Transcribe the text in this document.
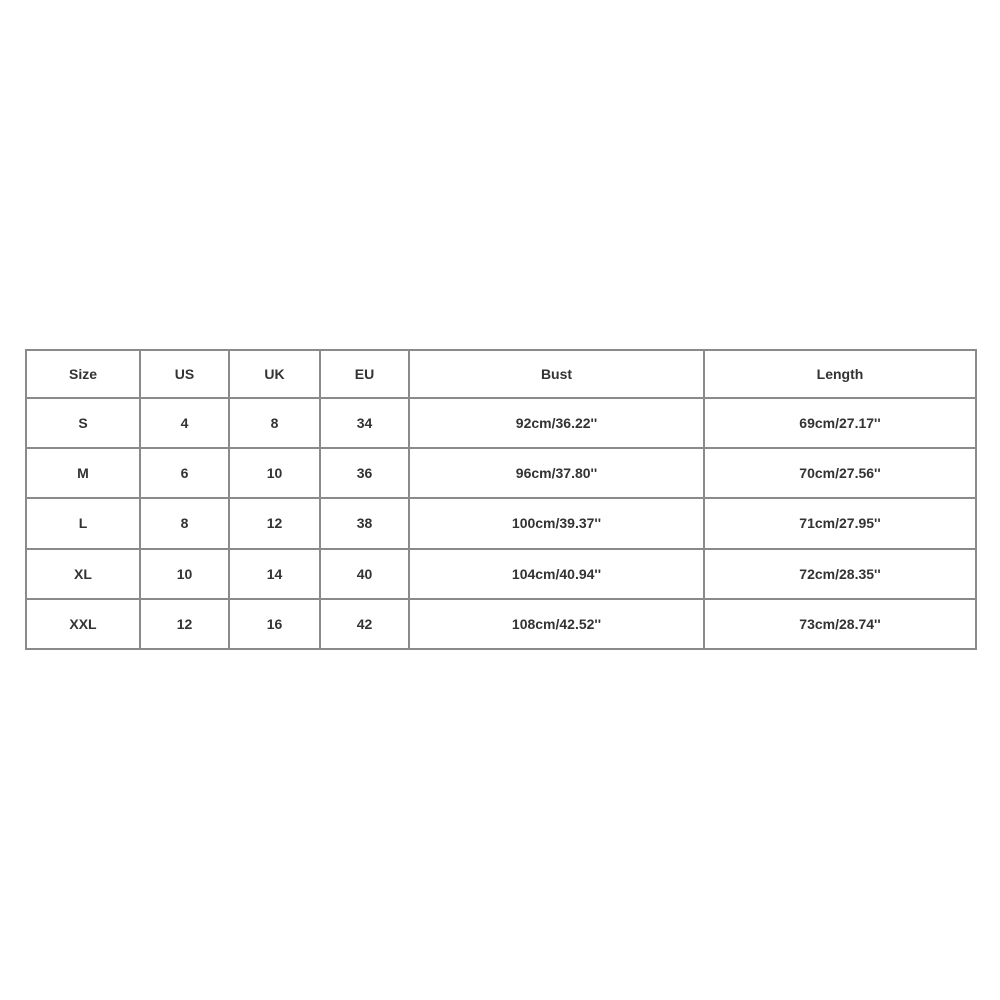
Size	US	UK	EU	Bust	Length
S	4	8	34	92cm/36.22''	69cm/27.17''
M	6	10	36	96cm/37.80''	70cm/27.56''
L	8	12	38	100cm/39.37''	71cm/27.95''
XL	10	14	40	104cm/40.94''	72cm/28.35''
XXL	12	16	42	108cm/42.52''	73cm/28.74''
